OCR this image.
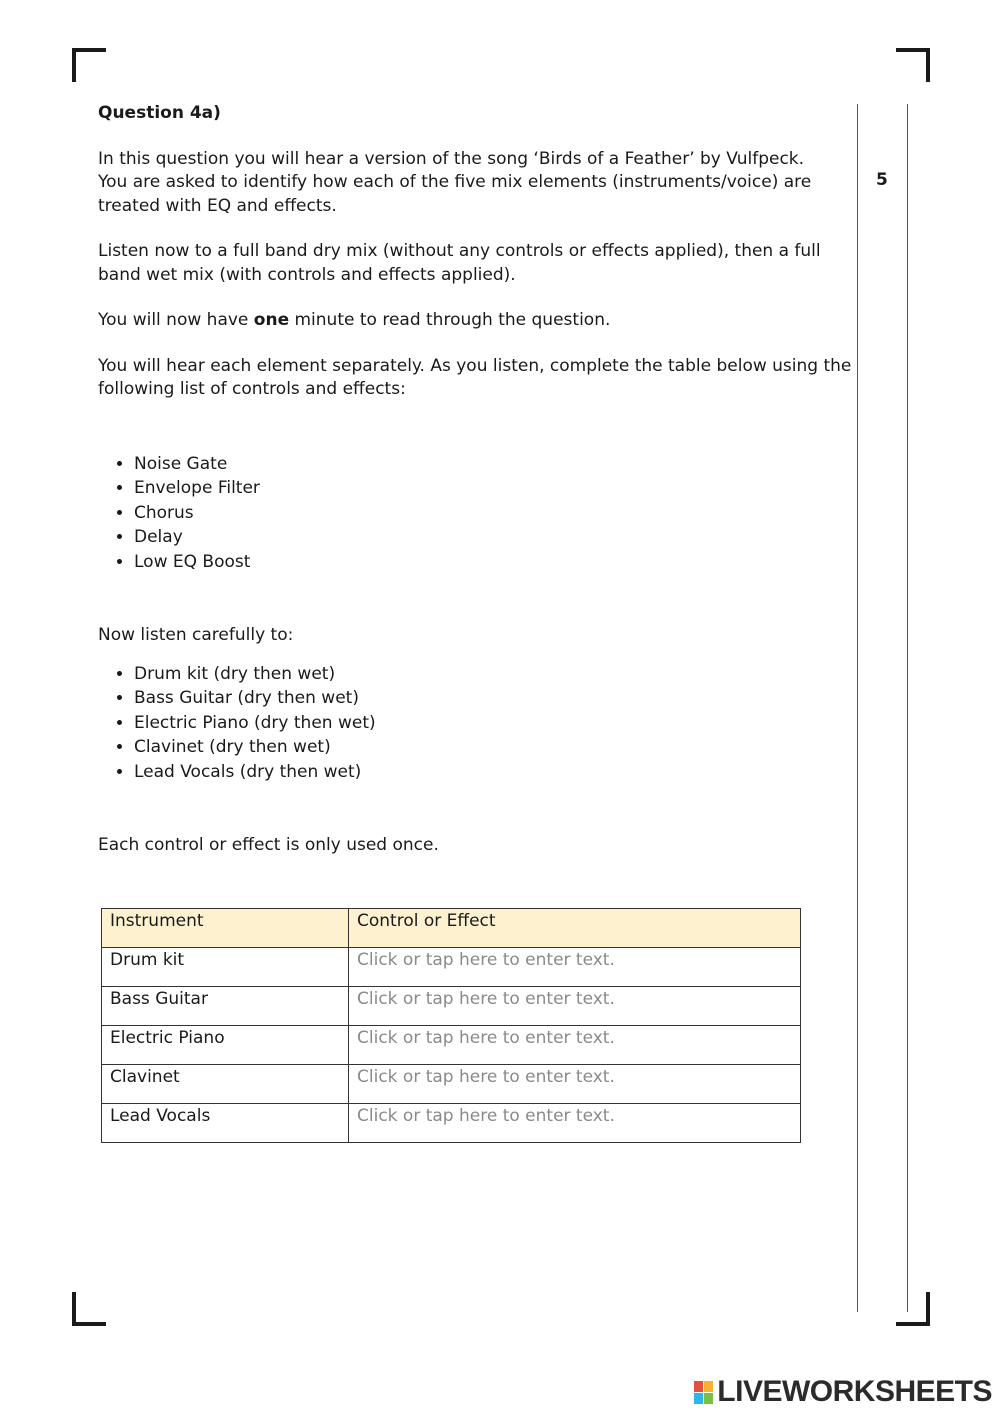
5

Question 4a)

In this question you will hear a version of the song ‘Birds of a Feather’ by Vulfpeck.
You are asked to identify how each of the five mix elements (instruments/voice) are treated with EQ and effects.

Listen now to a full band dry mix (without any controls or effects applied), then a full band wet mix (with controls and effects applied).

You will now have one minute to read through the question.

You will hear each element separately. As you listen, complete the table below using the following list of controls and effects:

• Noise Gate
• Envelope Filter
• Chorus
• Delay
• Low EQ Boost

Now listen carefully to:

• Drum kit (dry then wet)
• Bass Guitar (dry then wet)
• Electric Piano (dry then wet)
• Clavinet (dry then wet)
• Lead Vocals (dry then wet)

Each control or effect is only used once.

Instrument	Control or Effect
Drum kit	Click or tap here to enter text.
Bass Guitar	Click or tap here to enter text.
Electric Piano	Click or tap here to enter text.
Clavinet	Click or tap here to enter text.
Lead Vocals	Click or tap here to enter text.
LIVEWORKSHEETS
